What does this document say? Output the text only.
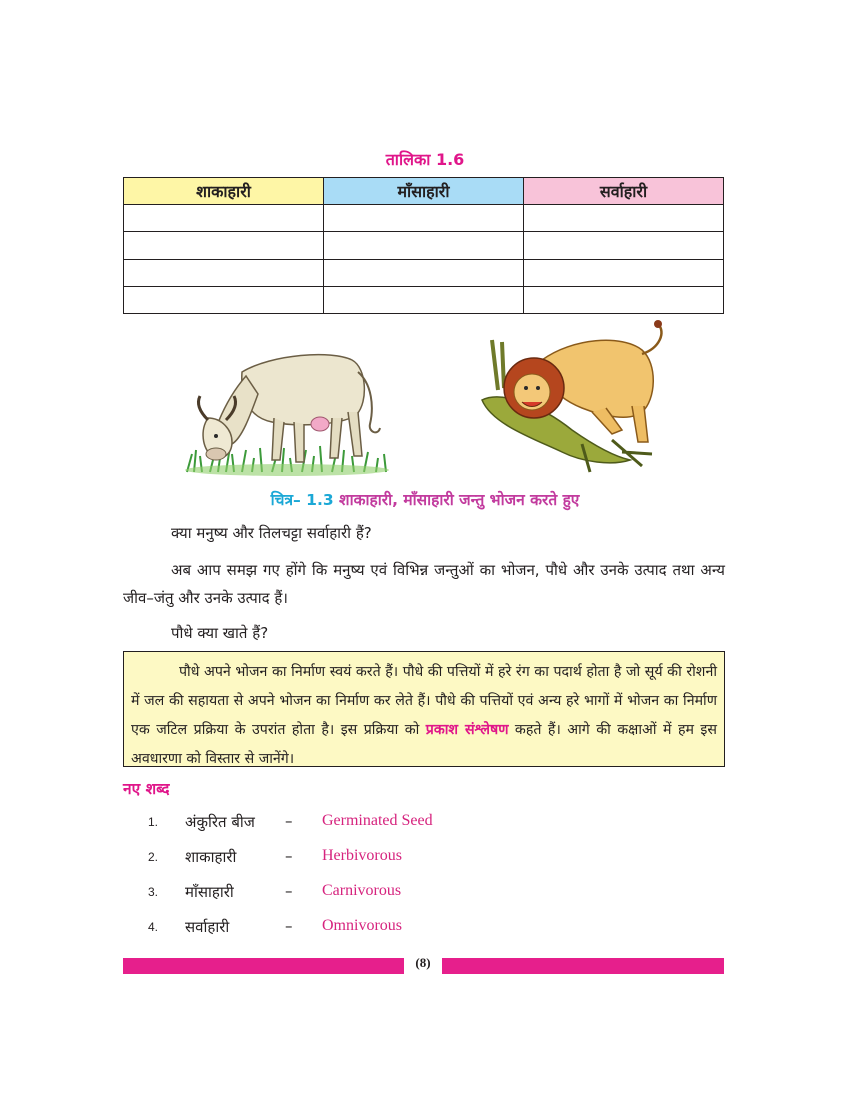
तालिका 1.6
शाकाहारी	माँसाहारी	सर्वाहारी

चित्र– 1.3 शाकाहारी, माँसाहारी जन्तु भोजन करते हुए
क्या मनुष्य और तिलचट्टा सर्वाहारी हैं?
अब आप समझ गए होंगे कि मनुष्य एवं विभिन्न जन्तुओं का भोजन, पौधे और उनके उत्पाद तथा अन्य जीव–जंतु और उनके उत्पाद हैं।
पौधे क्या खाते हैं?
पौधे अपने भोजन का निर्माण स्वयं करते हैं। पौधे की पत्तियों में हरे रंग का पदार्थ होता है जो सूर्य की रोशनी में जल की सहायता से अपने भोजन का निर्माण कर लेते हैं। पौधे की पत्तियों एवं अन्य हरे भागों में भोजन का निर्माण एक जटिल प्रक्रिया के उपरांत होता है। इस प्रक्रिया को प्रकाश संश्लेषण कहते हैं। आगे की कक्षाओं में हम इस अवधारणा को विस्तार से जानेंगे।
नए शब्द
1. अंकुरित बीज – Germinated Seed
2. शाकाहारी	– Herbivorous
3. माँसाहारी	– Carnivorous
4. सर्वाहारी	– Omnivorous
(8)
